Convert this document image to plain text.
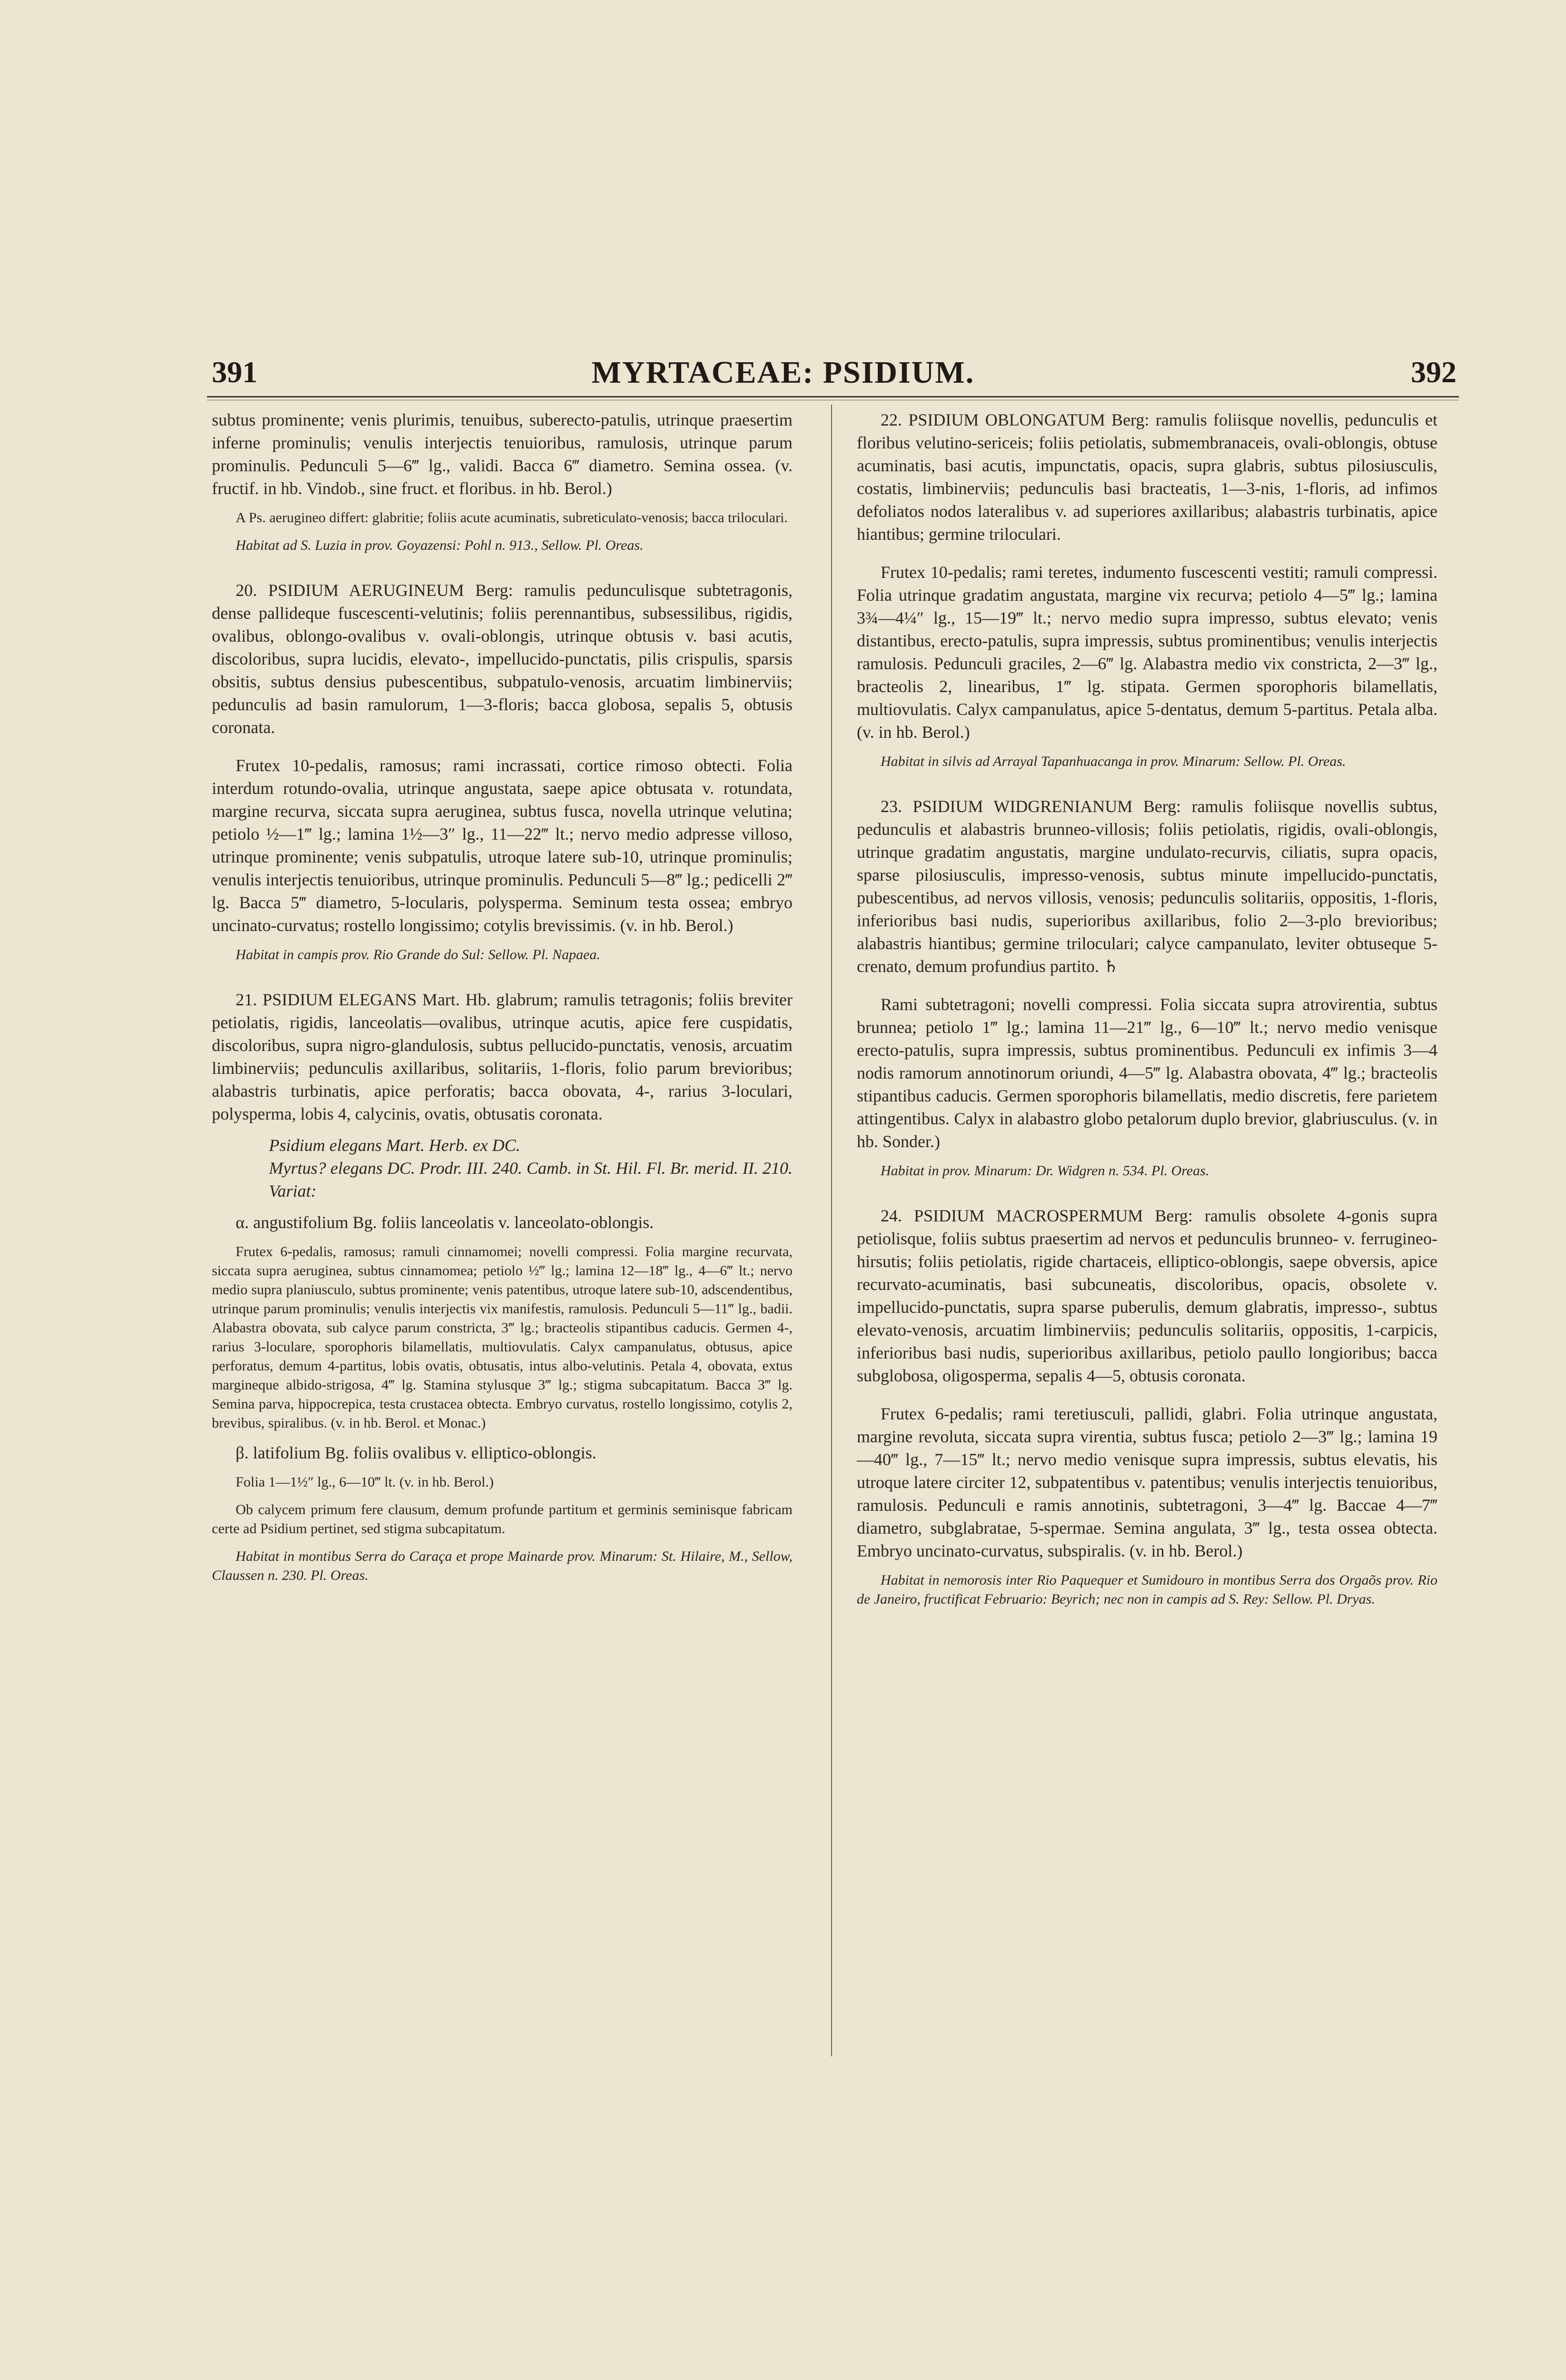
391	MYRTACEAE: PSIDIUM.	392

subtus prominente; venis plurimis, tenuibus, suberecto-patulis, utrinque praesertim inferne prominulis; venulis interjectis tenuioribus, ramulosis, utrinque parum prominulis. Pedunculi 5—6‴ lg., validi. Bacca 6‴ diametro. Semina ossea. (v. fructif. in hb. Vindob., sine fruct. et floribus. in hb. Berol.)

A Ps. aerugineo differt: glabritie; foliis acute acuminatis, subreticulato-venosis; bacca triloculari.

Habitat ad S. Luzia in prov. Goyazensi: Pohl n. 913., Sellow. Pl. Oreas.

20. PSIDIUM AERUGINEUM Berg: ramulis pedunculisque subtetragonis, dense pallideque fuscescenti-velutinis; foliis perennantibus, subsessilibus, rigidis, ovalibus, oblongo-ovalibus v. ovali-oblongis, utrinque obtusis v. basi acutis, discoloribus, supra lucidis, elevato-, impellucido-punctatis, pilis crispulis, sparsis obsitis, subtus densius pubescentibus, subpatulo-venosis, arcuatim limbinerviis; pedunculis ad basin ramulorum, 1—3-floris; bacca globosa, sepalis 5, obtusis coronata.

Frutex 10-pedalis, ramosus; rami incrassati, cortice rimoso obtecti. Folia interdum rotundo-ovalia, utrinque angustata, saepe apice obtusata v. rotundata, margine recurva, siccata supra aeruginea, subtus fusca, novella utrinque velutina; petiolo ½—1‴ lg.; lamina 1½—3″ lg., 11—22‴ lt.; nervo medio adpresse villoso, utrinque prominente; venis subpatulis, utroque latere sub-10, utrinque prominulis; venulis interjectis tenuioribus, utrinque prominulis. Pedunculi 5—8‴ lg.; pedicelli 2‴ lg. Bacca 5‴ diametro, 5-locularis, polysperma. Seminum testa ossea; embryo uncinato-curvatus; rostello longissimo; cotylis brevissimis. (v. in hb. Berol.)

Habitat in campis prov. Rio Grande do Sul: Sellow. Pl. Napaea.

21. PSIDIUM ELEGANS Mart. Hb. glabrum; ramulis tetragonis; foliis breviter petiolatis, rigidis, lanceolatis—ovalibus, utrinque acutis, apice fere cuspidatis, discoloribus, supra nigro-glandulosis, subtus pellucido-punctatis, venosis, arcuatim limbinerviis; pedunculis axillaribus, solitariis, 1-floris, folio parum brevioribus; alabastris turbinatis, apice perforatis; bacca obovata, 4-, rarius 3-loculari, polysperma, lobis 4, calycinis, ovatis, obtusatis coronata.

Psidium elegans Mart. Herb. ex DC.

Myrtus? elegans DC. Prodr. III. 240. Camb. in St. Hil. Fl. Br. merid. II. 210. Variat:

α. angustifolium Bg. foliis lanceolatis v. lanceolato-oblongis.

Frutex 6-pedalis, ramosus; ramuli cinnamomei; novelli compressi. Folia margine recurvata, siccata supra aeruginea, subtus cinnamomea; petiolo ½‴ lg.; lamina 12—18‴ lg., 4—6‴ lt.; nervo medio supra planiusculo, subtus prominente; venis patentibus, utroque latere sub-10, adscendentibus, utrinque parum prominulis; venulis interjectis vix manifestis, ramulosis. Pedunculi 5—11‴ lg., badii. Alabastra obovata, sub calyce parum constricta, 3‴ lg.; bracteolis stipantibus caducis. Germen 4-, rarius 3-loculare, sporophoris bilamellatis, multiovulatis. Calyx campanulatus, obtusus, apice perforatus, demum 4-partitus, lobis ovatis, obtusatis, intus albo-velutinis. Petala 4, obovata, extus margineque albido-strigosa, 4‴ lg. Stamina stylusque 3‴ lg.; stigma subcapitatum. Bacca 3‴ lg. Semina parva, hippocrepica, testa crustacea obtecta. Embryo curvatus, rostello longissimo, cotylis 2, brevibus, spiralibus. (v. in hb. Berol. et Monac.)

β. latifolium Bg. foliis ovalibus v. elliptico-oblongis.

Folia 1—1½″ lg., 6—10‴ lt. (v. in hb. Berol.)

Ob calycem primum fere clausum, demum profunde partitum et germinis seminisque fabricam certe ad Psidium pertinet, sed stigma subcapitatum.

Habitat in montibus Serra do Caraça et prope Mainarde prov. Minarum: St. Hilaire, M., Sellow, Claussen n. 230. Pl. Oreas.

22. PSIDIUM OBLONGATUM Berg: ramulis foliisque novellis, pedunculis et floribus velutino-sericeis; foliis petiolatis, submembranaceis, ovali-oblongis, obtuse acuminatis, basi acutis, impunctatis, opacis, supra glabris, subtus pilosiusculis, costatis, limbinerviis; pedunculis basi bracteatis, 1—3-nis, 1-floris, ad infimos defoliatos nodos lateralibus v. ad superiores axillaribus; alabastris turbinatis, apice hiantibus; germine triloculari.

Frutex 10-pedalis; rami teretes, indumento fuscescenti vestiti; ramuli compressi. Folia utrinque gradatim angustata, margine vix recurva; petiolo 4—5‴ lg.; lamina 3¾—4¼″ lg., 15—19‴ lt.; nervo medio supra impresso, subtus elevato; venis distantibus, erecto-patulis, supra impressis, subtus prominentibus; venulis interjectis ramulosis. Pedunculi graciles, 2—6‴ lg. Alabastra medio vix constricta, 2—3‴ lg., bracteolis 2, linearibus, 1‴ lg. stipata. Germen sporophoris bilamellatis, multiovulatis. Calyx campanulatus, apice 5-dentatus, demum 5-partitus. Petala alba. (v. in hb. Berol.)

Habitat in silvis ad Arrayal Tapanhuacanga in prov. Minarum: Sellow. Pl. Oreas.

23. PSIDIUM WIDGRENIANUM Berg: ramulis foliisque novellis subtus, pedunculis et alabastris brunneo-villosis; foliis petiolatis, rigidis, ovali-oblongis, utrinque gradatim angustatis, margine undulato-recurvis, ciliatis, supra opacis, sparse pilosiusculis, impresso-venosis, subtus minute impellucido-punctatis, pubescentibus, ad nervos villosis, venosis; pedunculis solitariis, oppositis, 1-floris, inferioribus basi nudis, superioribus axillaribus, folio 2—3-plo brevioribus; alabastris hiantibus; germine triloculari; calyce campanulato, leviter obtuseque 5-crenato, demum profundius partito. ♄

Rami subtetragoni; novelli compressi. Folia siccata supra atrovirentia, subtus brunnea; petiolo 1‴ lg.; lamina 11—21‴ lg., 6—10‴ lt.; nervo medio venisque erecto-patulis, supra impressis, subtus prominentibus. Pedunculi ex infimis 3—4 nodis ramorum annotinorum oriundi, 4—5‴ lg. Alabastra obovata, 4‴ lg.; bracteolis stipantibus caducis. Germen sporophoris bilamellatis, medio discretis, fere parietem attingentibus. Calyx in alabastro globo petalorum duplo brevior, glabriusculus. (v. in hb. Sonder.)

Habitat in prov. Minarum: Dr. Widgren n. 534. Pl. Oreas.

24. PSIDIUM MACROSPERMUM Berg: ramulis obsolete 4-gonis supra petiolisque, foliis subtus praesertim ad nervos et pedunculis brunneo- v. ferrugineo-hirsutis; foliis petiolatis, rigide chartaceis, elliptico-oblongis, saepe obversis, apice recurvato-acuminatis, basi subcuneatis, discoloribus, opacis, obsolete v. impellucido-punctatis, supra sparse puberulis, demum glabratis, impresso-, subtus elevato-venosis, arcuatim limbinerviis; pedunculis solitariis, oppositis, 1-carpicis, inferioribus basi nudis, superioribus axillaribus, petiolo paullo longioribus; bacca subglobosa, oligosperma, sepalis 4—5, obtusis coronata.

Frutex 6-pedalis; rami teretiusculi, pallidi, glabri. Folia utrinque angustata, margine revoluta, siccata supra virentia, subtus fusca; petiolo 2—3‴ lg.; lamina 19—40‴ lg., 7—15‴ lt.; nervo medio venisque supra impressis, subtus elevatis, his utroque latere circiter 12, subpatentibus v. patentibus; venulis interjectis tenuioribus, ramulosis. Pedunculi e ramis annotinis, subtetragoni, 3—4‴ lg. Baccae 4—7‴ diametro, subglabratae, 5-spermae. Semina angulata, 3‴ lg., testa ossea obtecta. Embryo uncinato-curvatus, subspiralis. (v. in hb. Berol.)

Habitat in nemorosis inter Rio Paquequer et Sumidouro in montibus Serra dos Orgaõs prov. Rio de Janeiro, fructificat Februario: Beyrich; nec non in campis ad S. Rey: Sellow. Pl. Dryas.
